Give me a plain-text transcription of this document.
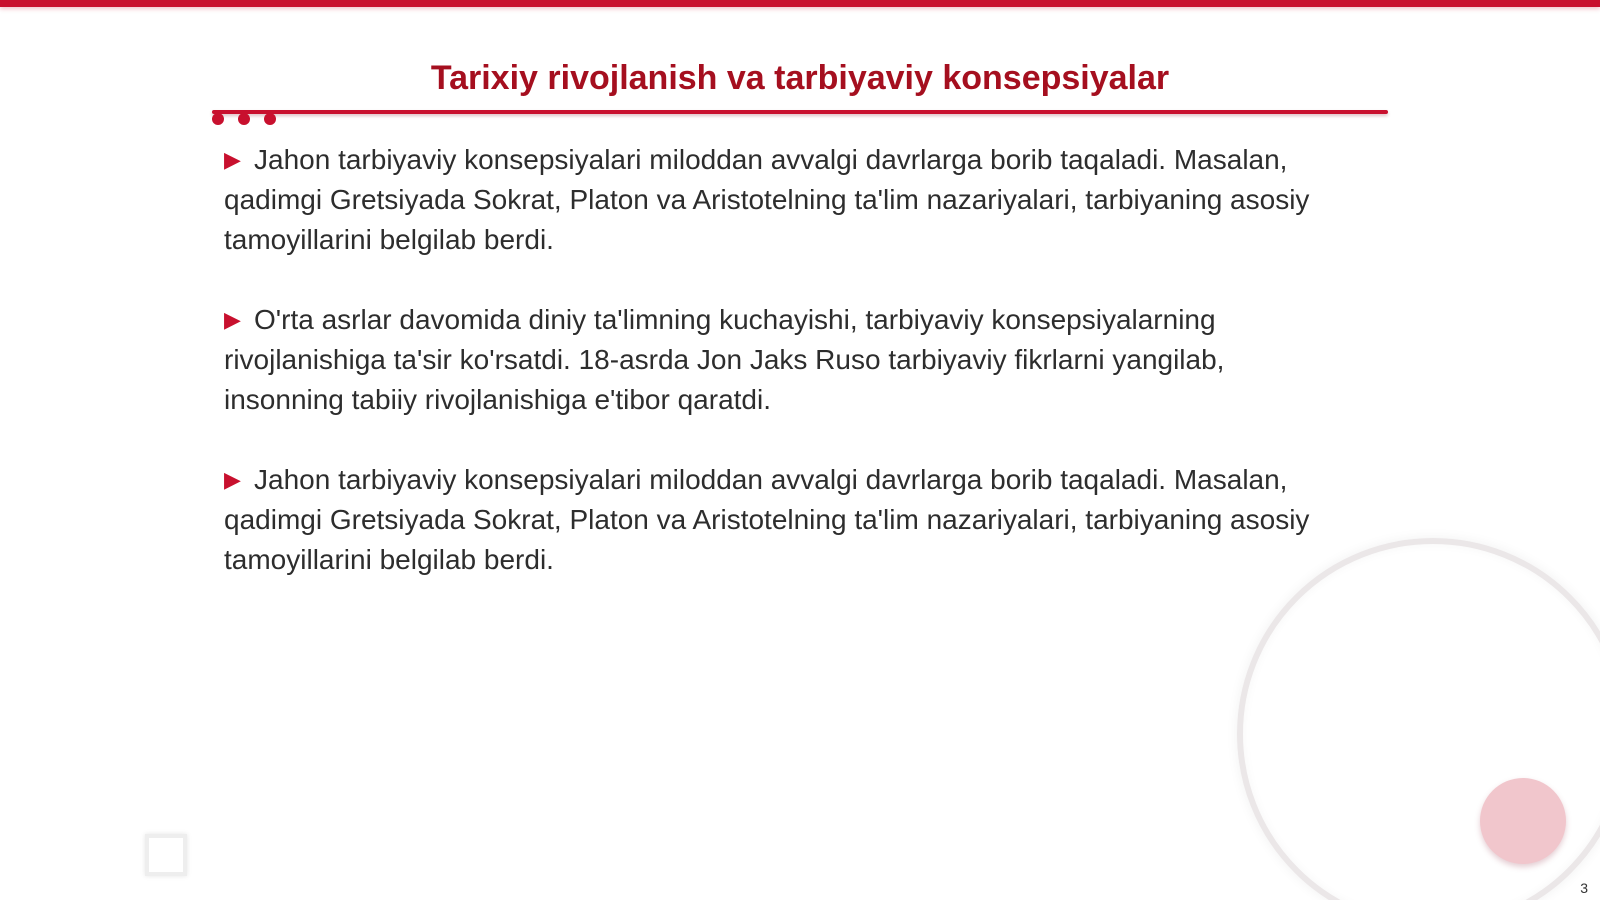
Tarixiy rivojlanish va tarbiyaviy konsepsiyalar

▶ Jahon tarbiyaviy konsepsiyalari miloddan avvalgi davrlarga borib taqaladi. Masalan, qadimgi Gretsiyada Sokrat, Platon va Aristotelning ta'lim nazariyalari, tarbiyaning asosiy tamoyillarini belgilab berdi.

▶ O'rta asrlar davomida diniy ta'limning kuchayishi, tarbiyaviy konsepsiyalarning rivojlanishiga ta'sir ko'rsatdi. 18-asrda Jon Jaks Ruso tarbiyaviy fikrlarni yangilab, insonning tabiiy rivojlanishiga e'tibor qaratdi.

▶ Jahon tarbiyaviy konsepsiyalari miloddan avvalgi davrlarga borib taqaladi. Masalan, qadimgi Gretsiyada Sokrat, Platon va Aristotelning ta'lim nazariyalari, tarbiyaning asosiy tamoyillarini belgilab berdi.

3
